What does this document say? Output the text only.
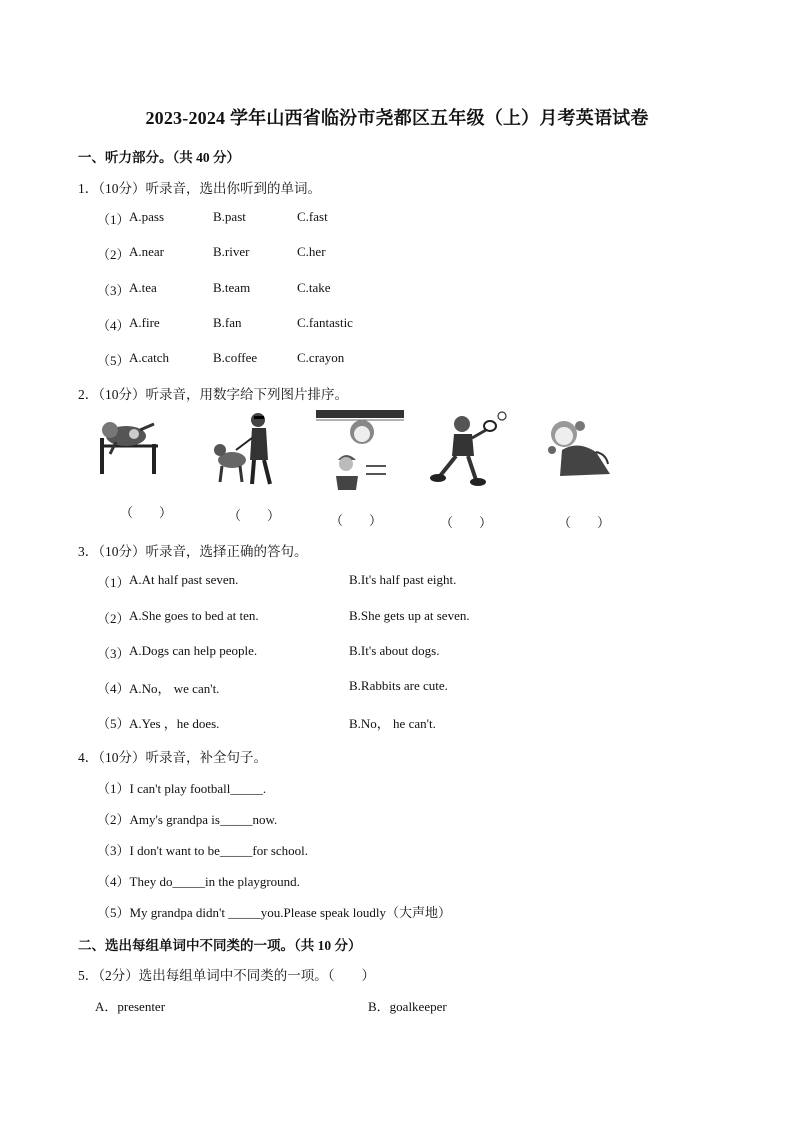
2023-2024 学年山西省临汾市尧都区五年级（上）月考英语试卷
一、听力部分。（共 40 分）
1．（10分）听录音，选出你听到的单词。
（1） A.pass	B.past	C.fast
（2） A.near	B.river	C.her
（3） A.tea	B.team	C.take
（4） A.fire	B.fan	C.fantastic
（5） A.catch	B.coffee	C.crayon
2．（10分）听录音，用数字给下列图片排序。
（　　）	（　　）	（　　）	（　　）	（　　）
3．（10分）听录音，选择正确的答句。
（1） A.At half past seven.	B.It's half past eight.
（2） A.She goes to bed at ten.	B.She gets up at seven.
（3） A.Dogs can help people.	B.It's about dogs.
（4） A.No， we can't.	B.Rabbits are cute.
（5） A.Yes ，he does.	B.No， he can't.
4．（10分）听录音，补全句子。
（1）I can't play football_____.
（2）Amy's grandpa is_____now.
（3）I don't want to be_____for school.
（4）They do_____in the playground.
（5）My grandpa didn't _____you.Please speak loudly（大声地）
二、选出每组单词中不同类的一项。（共 10 分）
5．（2分）选出每组单词中不同类的一项。（　　）
A．presenter	B．goalkeeper
